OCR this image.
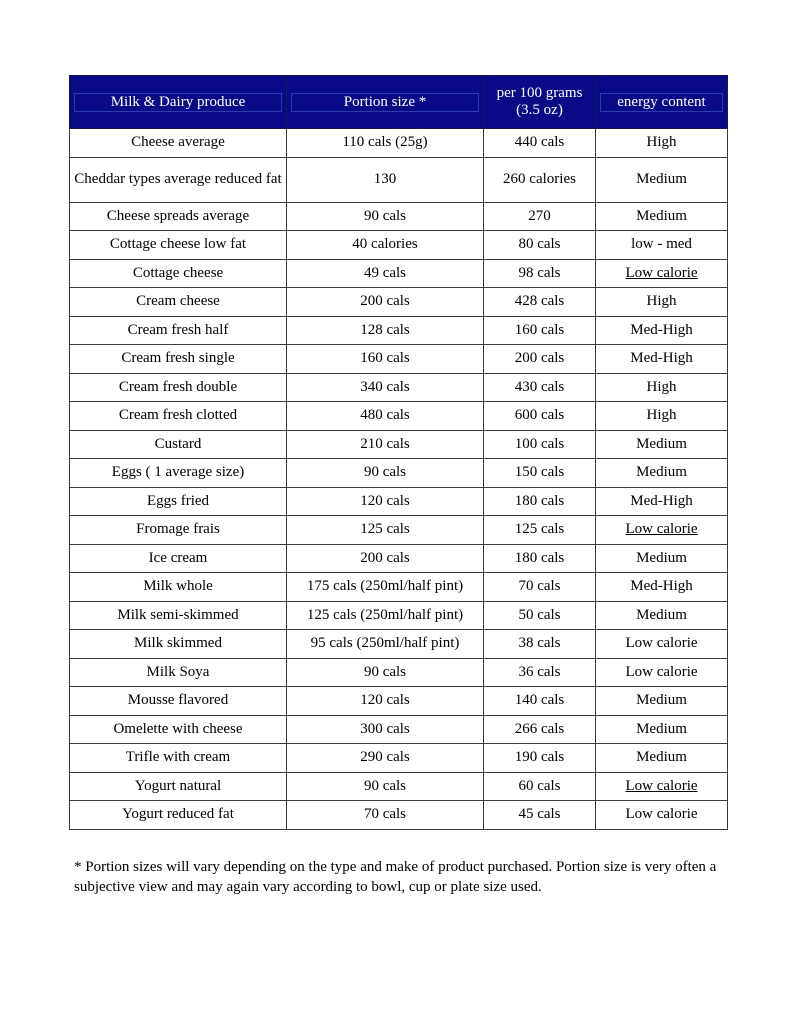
Milk & Dairy produce	Portion size *	per 100 grams (3.5 oz)	energy content

Cheese average	110 cals (25g)	440 cals	High
Cheddar types average reduced fat	130	260 calories	Medium
Cheese spreads average	90 cals	270	Medium
Cottage cheese low fat	40 calories	80 cals	low - med
Cottage cheese	49 cals	98 cals	Low calorie
Cream cheese	200 cals	428 cals	High
Cream fresh half	128 cals	160 cals	Med-High
Cream fresh single	160 cals	200 cals	Med-High
Cream fresh double	340 cals	430 cals	High
Cream fresh clotted	480 cals	600 cals	High
Custard	210 cals	100 cals	Medium
Eggs ( 1 average size)	90 cals	150 cals	Medium
Eggs fried	120 cals	180 cals	Med-High
Fromage frais	125 cals	125 cals	Low calorie
Ice cream	200 cals	180 cals	Medium
Milk whole	175 cals (250ml/half pint)	70 cals	Med-High
Milk semi-skimmed	125 cals (250ml/half pint)	50 cals	Medium
Milk skimmed	95 cals (250ml/half pint)	38 cals	Low calorie
Milk Soya	90 cals	36 cals	Low calorie
Mousse flavored	120 cals	140 cals	Medium
Omelette with cheese	300 cals	266 cals	Medium
Trifle with cream	290 cals	190 cals	Medium
Yogurt natural	90 cals	60 cals	Low calorie
Yogurt reduced fat	70 cals	45 cals	Low calorie
* Portion sizes will vary depending on the type and make of product purchased. Portion size is very often a subjective view and may again vary according to bowl, cup or plate size used.
